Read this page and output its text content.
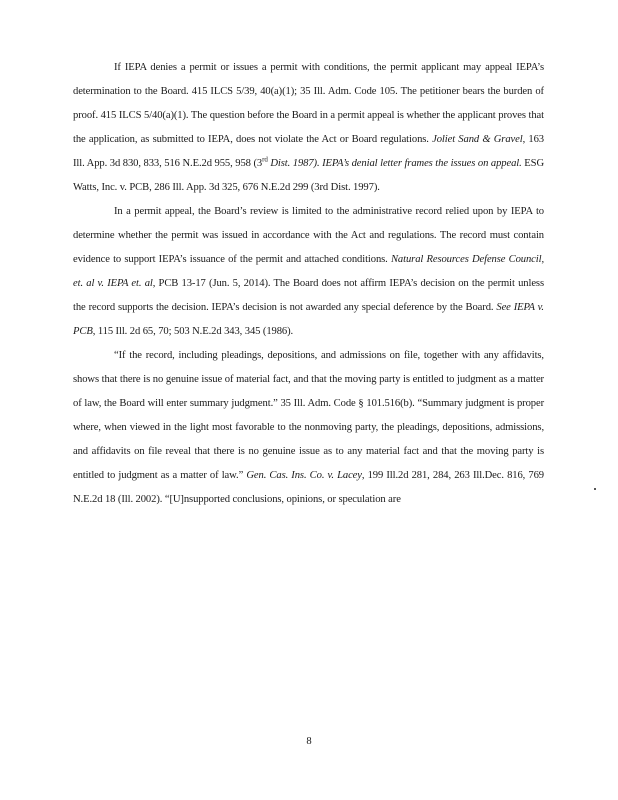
If IEPA denies a permit or issues a permit with conditions, the permit applicant may appeal IEPA’s determination to the Board. 415 ILCS 5/39, 40(a)(1); 35 Ill. Adm. Code 105. The petitioner bears the burden of proof. 415 ILCS 5/40(a)(1). The question before the Board in a permit appeal is whether the applicant proves that the application, as submitted to IEPA, does not violate the Act or Board regulations. Joliet Sand & Gravel, 163 Ill. App. 3d 830, 833, 516 N.E.2d 955, 958 (3rd Dist. 1987). IEPA’s denial letter frames the issues on appeal. ESG Watts, Inc. v. PCB, 286 Ill. App. 3d 325, 676 N.E.2d 299 (3rd Dist. 1997).

In a permit appeal, the Board’s review is limited to the administrative record relied upon by IEPA to determine whether the permit was issued in accordance with the Act and regulations. The record must contain evidence to support IEPA’s issuance of the permit and attached conditions. Natural Resources Defense Council, et. al v. IEPA et. al, PCB 13-17 (Jun. 5, 2014). The Board does not affirm IEPA’s decision on the permit unless the record supports the decision. IEPA’s decision is not awarded any special deference by the Board. See IEPA v. PCB, 115 Ill. 2d 65, 70; 503 N.E.2d 343, 345 (1986).

“If the record, including pleadings, depositions, and admissions on file, together with any affidavits, shows that there is no genuine issue of material fact, and that the moving party is entitled to judgment as a matter of law, the Board will enter summary judgment.” 35 Ill. Adm. Code § 101.516(b). “Summary judgment is proper where, when viewed in the light most favorable to the nonmoving party, the pleadings, depositions, admissions, and affidavits on file reveal that there is no genuine issue as to any material fact and that the moving party is entitled to judgment as a matter of law.” Gen. Cas. Ins. Co. v. Lacey, 199 Ill.2d 281, 284, 263 Ill.Dec. 816, 769 N.E.2d 18 (Ill. 2002). “[U]nsupported conclusions, opinions, or speculation are

8
